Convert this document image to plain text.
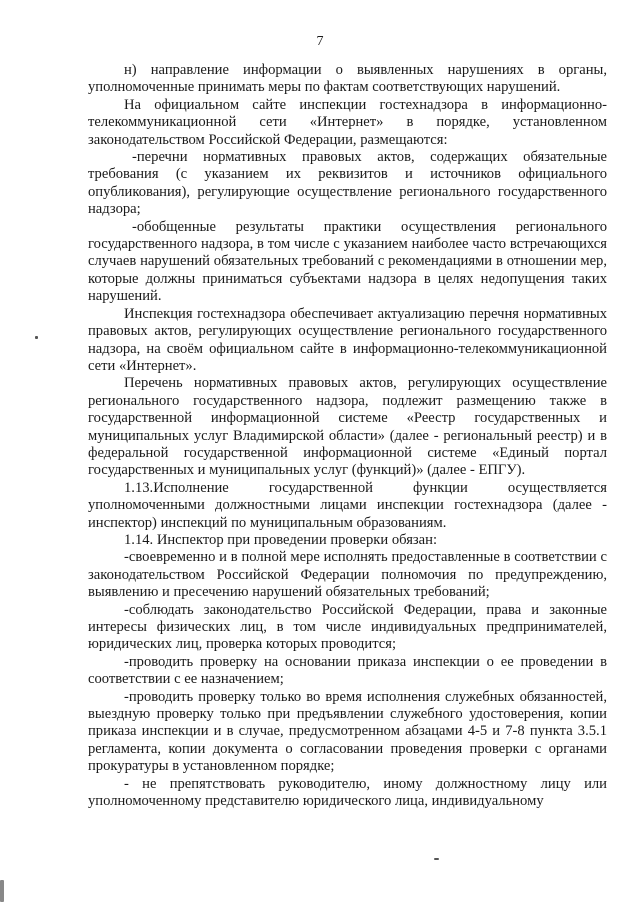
7

н) направление информации о выявленных нарушениях в органы, уполномоченные принимать меры по фактам соответствующих нарушений.

На официальном сайте инспекции гостехнадзора в информационно-телекоммуникационной сети «Интернет» в порядке, установленном законодательством Российской Федерации, размещаются:

-перечни нормативных правовых актов, содержащих обязательные требования (с указанием их реквизитов и источников официального опубликования), регулирующие осуществление регионального государственного надзора;

-обобщенные результаты практики осуществления регионального государственного надзора, в том числе с указанием наиболее часто встречающихся случаев нарушений обязательных требований с рекомендациями в отношении мер, которые должны приниматься субъектами надзора в целях недопущения таких нарушений.

Инспекция гостехнадзора обеспечивает актуализацию перечня нормативных правовых актов, регулирующих осуществление регионального государственного надзора, на своём официальном сайте в информационно-телекоммуникационной сети «Интернет».

Перечень нормативных правовых актов, регулирующих осуществление регионального государственного надзора, подлежит размещению также в государственной информационной системе «Реестр государственных и муниципальных услуг Владимирской области» (далее - региональный реестр) и в федеральной государственной информационной системе «Единый портал государственных и муниципальных услуг (функций)» (далее - ЕПГУ).

1.13.Исполнение государственной функции осуществляется уполномоченными должностными лицами инспекции гостехнадзора (далее - инспектор) инспекций по муниципальным образованиям.

1.14. Инспектор при проведении проверки обязан:

-своевременно и в полной мере исполнять предоставленные в соответствии с законодательством Российской Федерации полномочия по предупреждению, выявлению и пресечению нарушений обязательных требований;

-соблюдать законодательство Российской Федерации, права и законные интересы физических лиц, в том числе индивидуальных предпринимателей, юридических лиц, проверка которых проводится;

-проводить проверку на основании приказа инспекции о ее проведении в соответствии с ее назначением;

-проводить проверку только во время исполнения служебных обязанностей, выездную проверку только при предъявлении служебного удостоверения, копии приказа инспекции и в случае, предусмотренном абзацами 4-5 и 7-8 пункта 3.5.1 регламента, копии документа о согласовании проведения проверки с органами прокуратуры в установленном порядке;

- не препятствовать руководителю, иному должностному лицу или уполномоченному представителю юридического лица, индивидуальному
